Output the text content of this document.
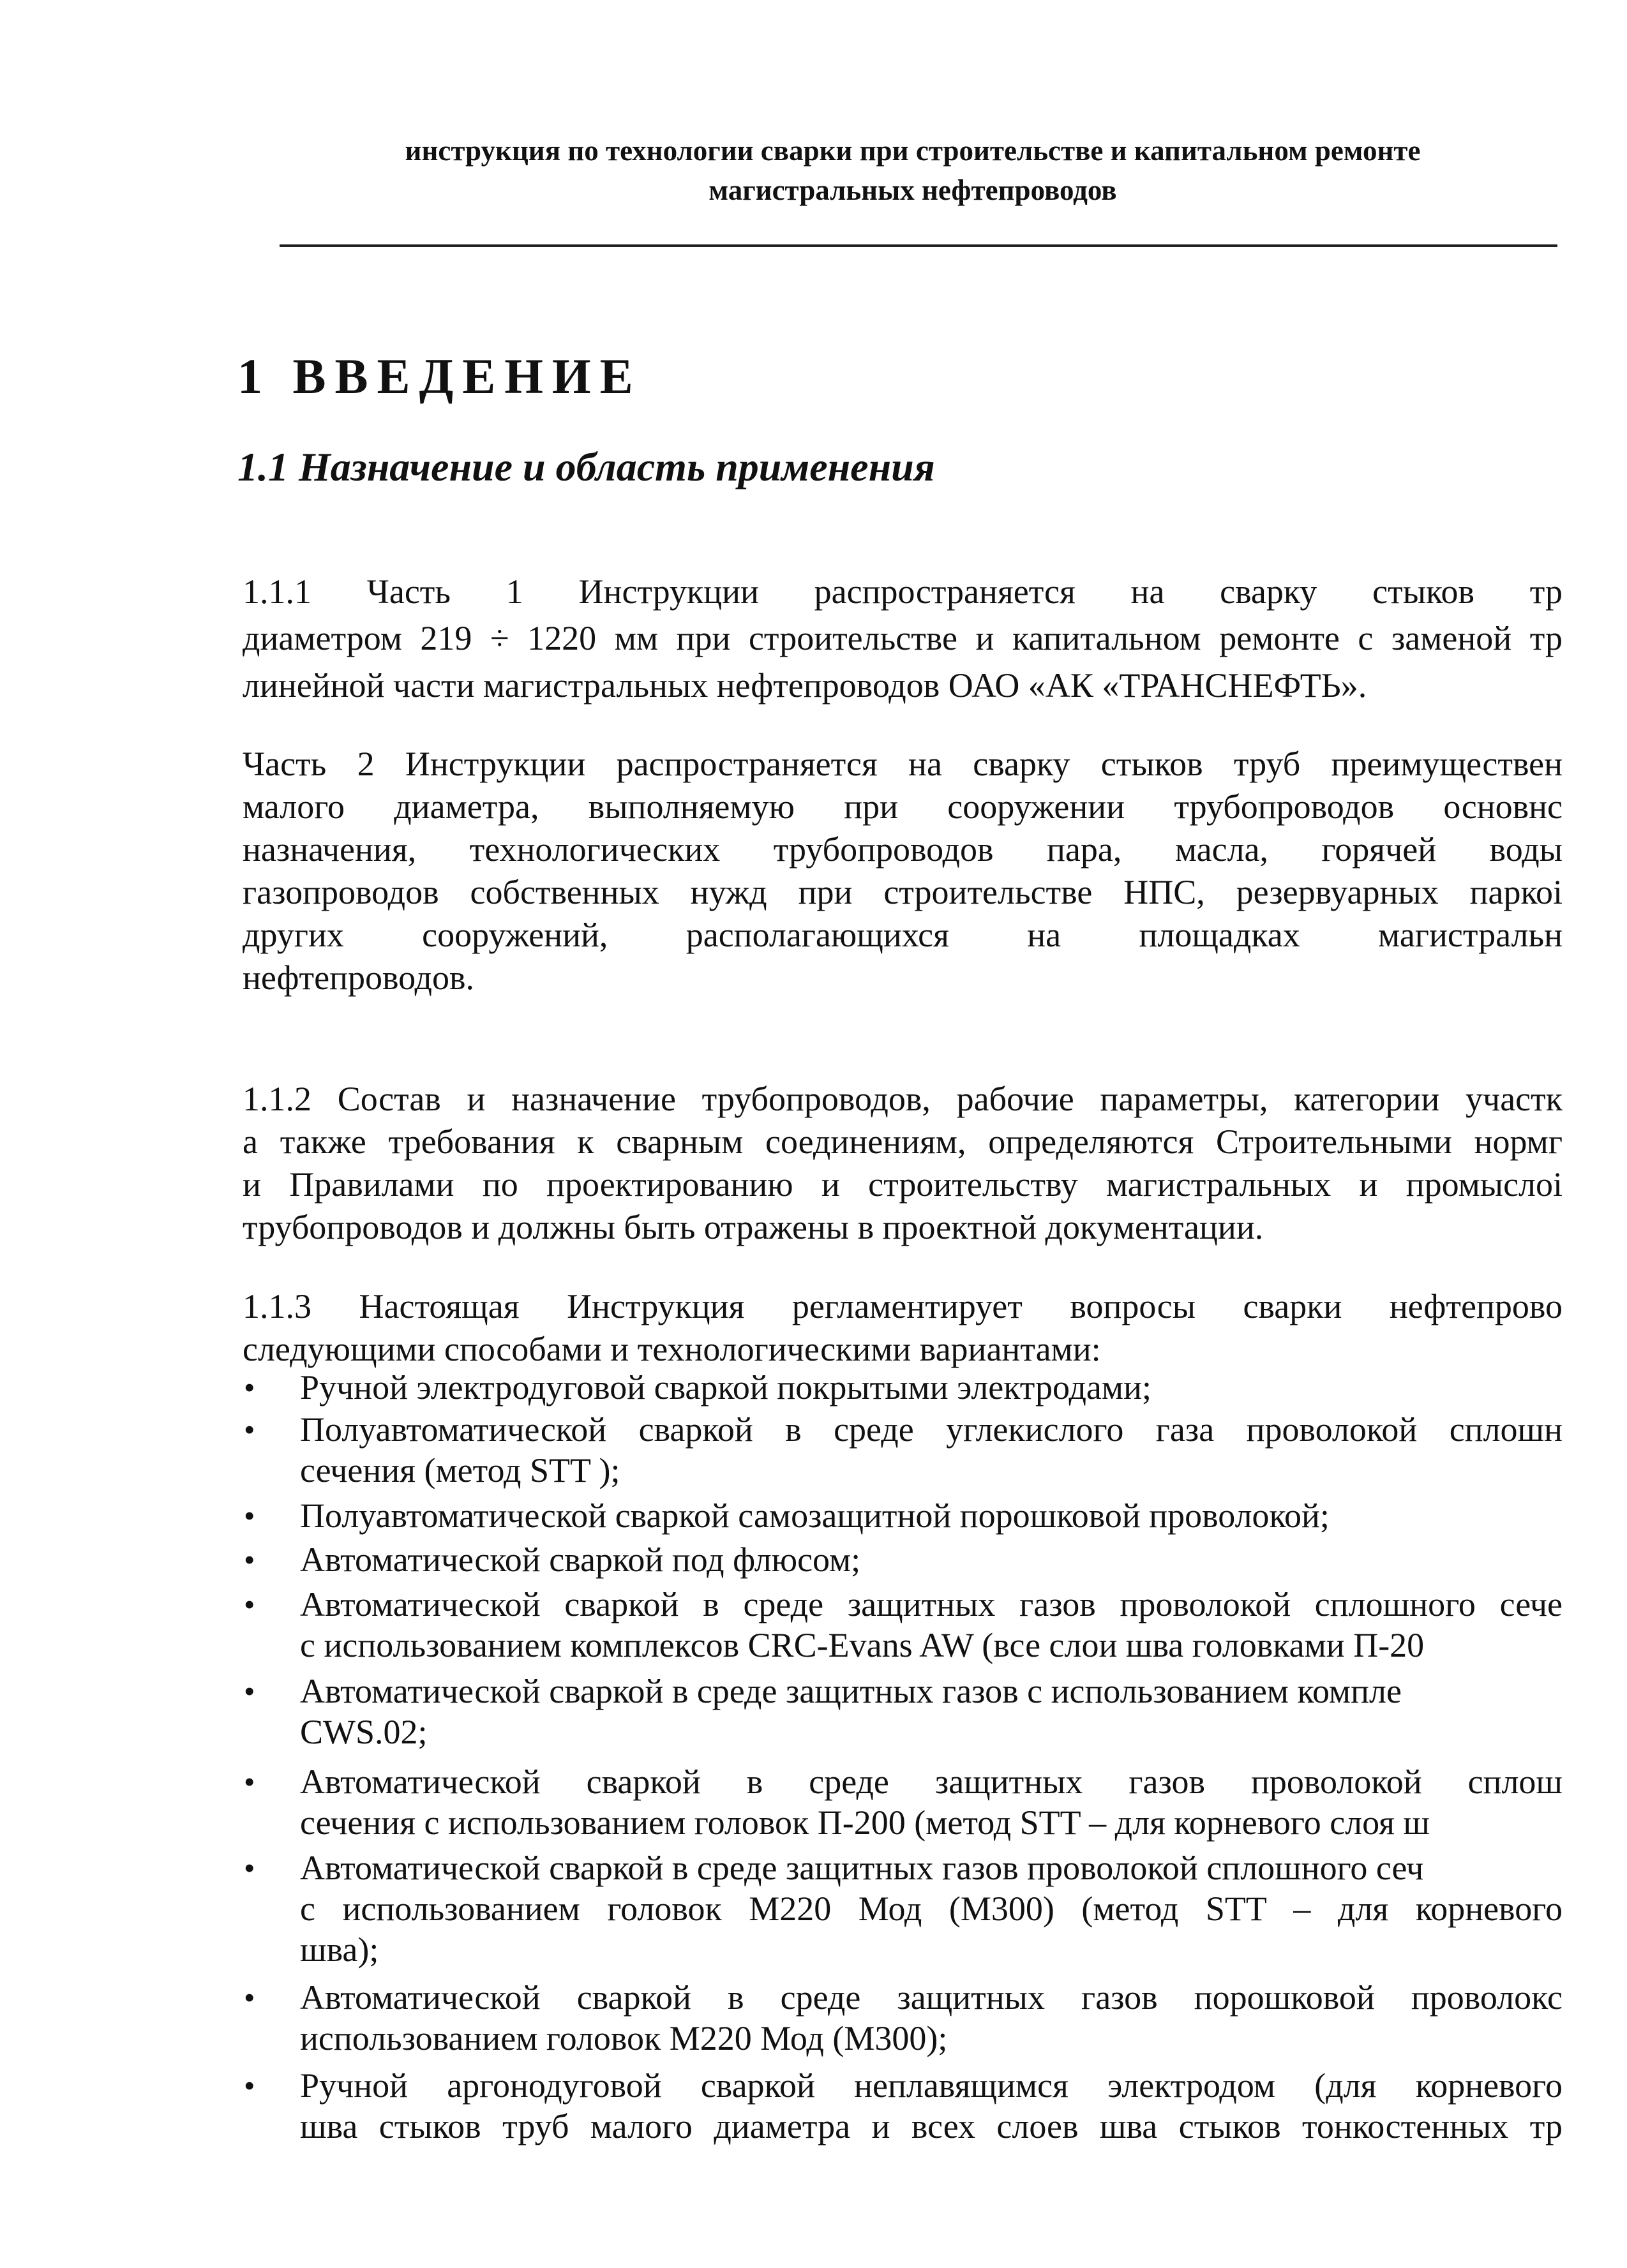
инструкция по технологии сварки при строительстве и капитальном ремонте
магистральных нефтепроводов
1 ВВЕДЕНИЕ
1.1 Назначение и область применения
1.1.1 Часть 1 Инструкции распространяется на сварку стыков тр
диаметром 219 ÷ 1220 мм при строительстве и капитальном ремонте с заменой тр
линейной части магистральных нефтепроводов ОАО «АК «ТРАНСНЕФТЬ».
Часть 2 Инструкции распространяется на сварку стыков труб преимуществен
малого диаметра, выполняемую при сооружении трубопроводов основнс
назначения, технологических трубопроводов пара, масла, горячей воды
газопроводов собственных нужд при строительстве НПС, резервуарных паркоі
других сооружений, располагающихся на площадках магистральн
нефтепроводов.
1.1.2 Состав и назначение трубопроводов, рабочие параметры, категории участк
а также требования к сварным соединениям, определяются Строительными нормг
и Правилами по проектированию и строительству магистральных и промыслоі
трубопроводов и должны быть отражены в проектной документации.
1.1.3 Настоящая Инструкция регламентирует вопросы сварки нефтепрово
следующими способами и технологическими вариантами:
• Ручной электродуговой сваркой покрытыми электродами;
• Полуавтоматической сваркой в среде углекислого газа проволокой сплошн
сечения (метод STT );
• Полуавтоматической сваркой самозащитной порошковой проволокой;
• Автоматической сваркой под флюсом;
• Автоматической сваркой в среде защитных газов проволокой сплошного сече
с использованием комплексов CRC-Evans AW (все слои шва головками П-20
• Автоматической сваркой в среде защитных газов с использованием компле
CWS.02;
• Автоматической сваркой в среде защитных газов проволокой сплош
сечения с использованием головок П-200 (метод STT – для корневого слоя ш
• Автоматической сваркой в среде защитных газов проволокой сплошного сеч
с использованием головок М220 Мод (М300) (метод STT – для корневого
шва);
• Автоматической сваркой в среде защитных газов порошковой проволокс
использованием головок М220 Мод (М300);
• Ручной аргонодуговой сваркой неплавящимся электродом (для корневого
шва стыков труб малого диаметра и всех слоев шва стыков тонкостенных тр
